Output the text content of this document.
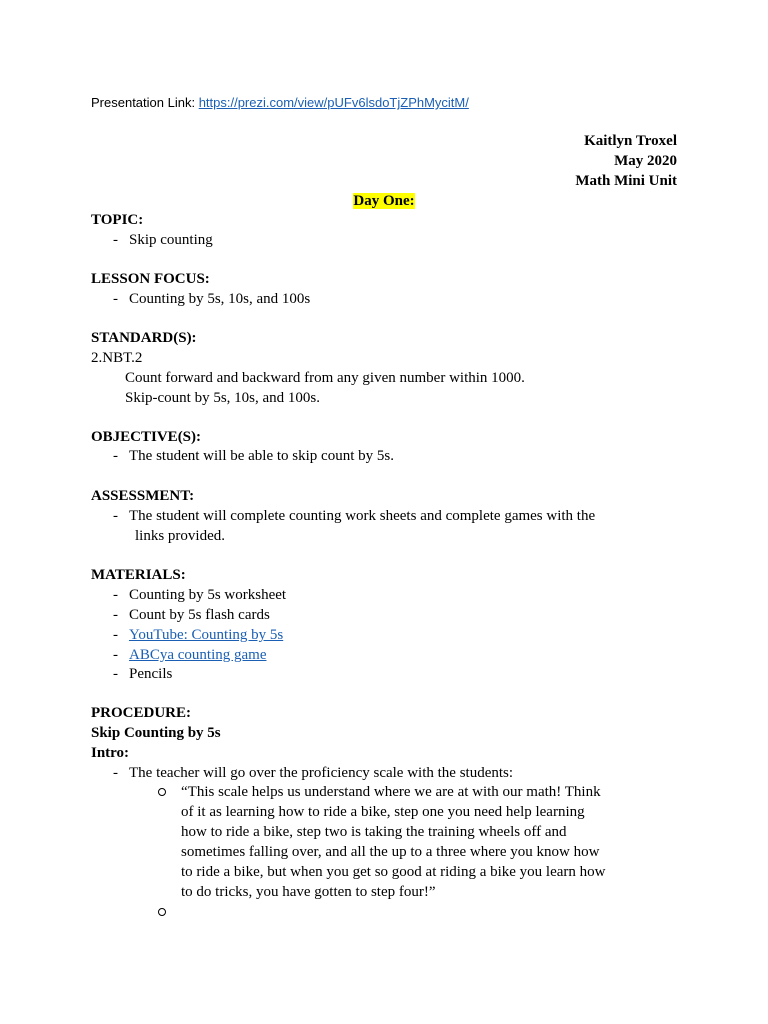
Presentation Link: https://prezi.com/view/pUFv6lsdoTjZPhMycitM/
Kaitlyn Troxel
May 2020
Math Mini Unit
Day One:
TOPIC:
- Skip counting
LESSON FOCUS:
- Counting by 5s, 10s, and 100s
STANDARD(S):
2.NBT.2
Count forward and backward from any given number within 1000.
Skip-count by 5s, 10s, and 100s.
OBJECTIVE(S):
- The student will be able to skip count by 5s.
ASSESSMENT:
- The student will complete counting work sheets and complete games with the
links provided.
MATERIALS:
- Counting by 5s worksheet
- Count by 5s flash cards
- YouTube: Counting by 5s
- ABCya counting game
- Pencils
PROCEDURE:
Skip Counting by 5s
Intro:
- The teacher will go over the proficiency scale with the students:
“This scale helps us understand where we are at with our math! Think
of it as learning how to ride a bike, step one you need help learning
how to ride a bike, step two is taking the training wheels off and
sometimes falling over, and all the up to a three where you know how
to ride a bike, but when you get so good at riding a bike you learn how
to do tricks, you have gotten to step four!”
